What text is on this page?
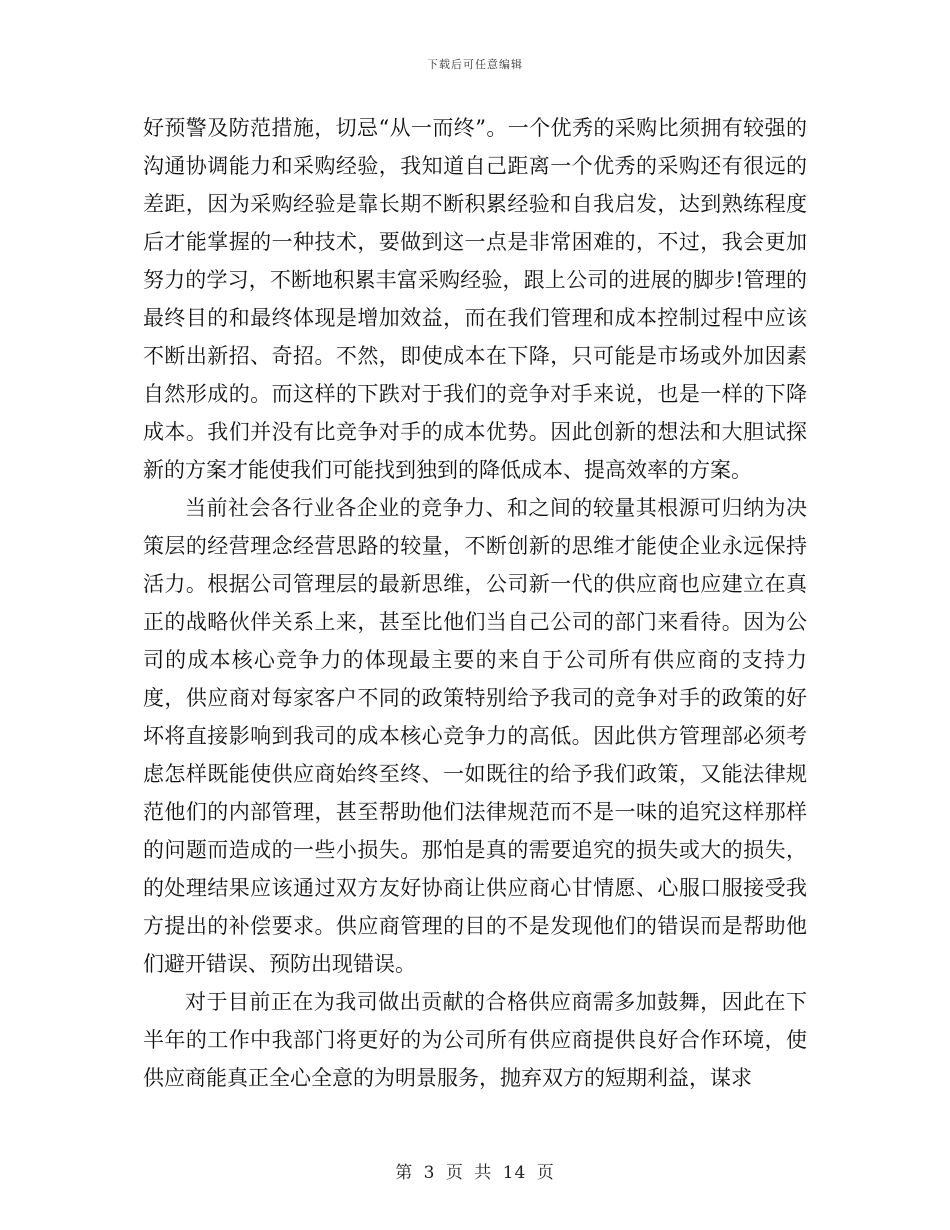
下载后可任意编辑

好预警及防范措施，切忌“从一而终”。一个优秀的采购比须拥有较强的沟通协调能力和采购经验，我知道自己距离一个优秀的采购还有很远的差距，因为采购经验是靠长期不断积累经验和自我启发，达到熟练程度后才能掌握的一种技术，要做到这一点是非常困难的，不过，我会更加努力的学习，不断地积累丰富采购经验，跟上公司的进展的脚步!管理的最终目的和最终体现是增加效益，而在我们管理和成本控制过程中应该不断出新招、奇招。不然，即使成本在下降，只可能是市场或外加因素自然形成的。而这样的下跌对于我们的竞争对手来说，也是一样的下降成本。我们并没有比竞争对手的成本优势。因此创新的想法和大胆试探新的方案才能使我们可能找到独到的降低成本、提高效率的方案。

当前社会各行业各企业的竞争力、和之间的较量其根源可归纳为决策层的经营理念经营思路的较量，不断创新的思维才能使企业永远保持活力。根据公司管理层的最新思维，公司新一代的供应商也应建立在真正的战略伙伴关系上来，甚至比他们当自己公司的部门来看待。因为公司的成本核心竞争力的体现最主要的来自于公司所有供应商的支持力度，供应商对每家客户不同的政策特别给予我司的竞争对手的政策的好坏将直接影响到我司的成本核心竞争力的高低。因此供方管理部必须考虑怎样既能使供应商始终至终、一如既往的给予我们政策，又能法律规范他们的内部管理，甚至帮助他们法律规范而不是一味的追究这样那样的问题而造成的一些小损失。那怕是真的需要追究的损失或大的损失，的处理结果应该通过双方友好协商让供应商心甘情愿、心服口服接受我方提出的补偿要求。供应商管理的目的不是发现他们的错误而是帮助他们避开错误、预防出现错误。

对于目前正在为我司做出贡献的合格供应商需多加鼓舞，因此在下半年的工作中我部门将更好的为公司所有供应商提供良好合作环境，使供应商能真正全心全意的为明景服务，抛弃双方的短期利益，谋求

第 3 页 共 14 页
